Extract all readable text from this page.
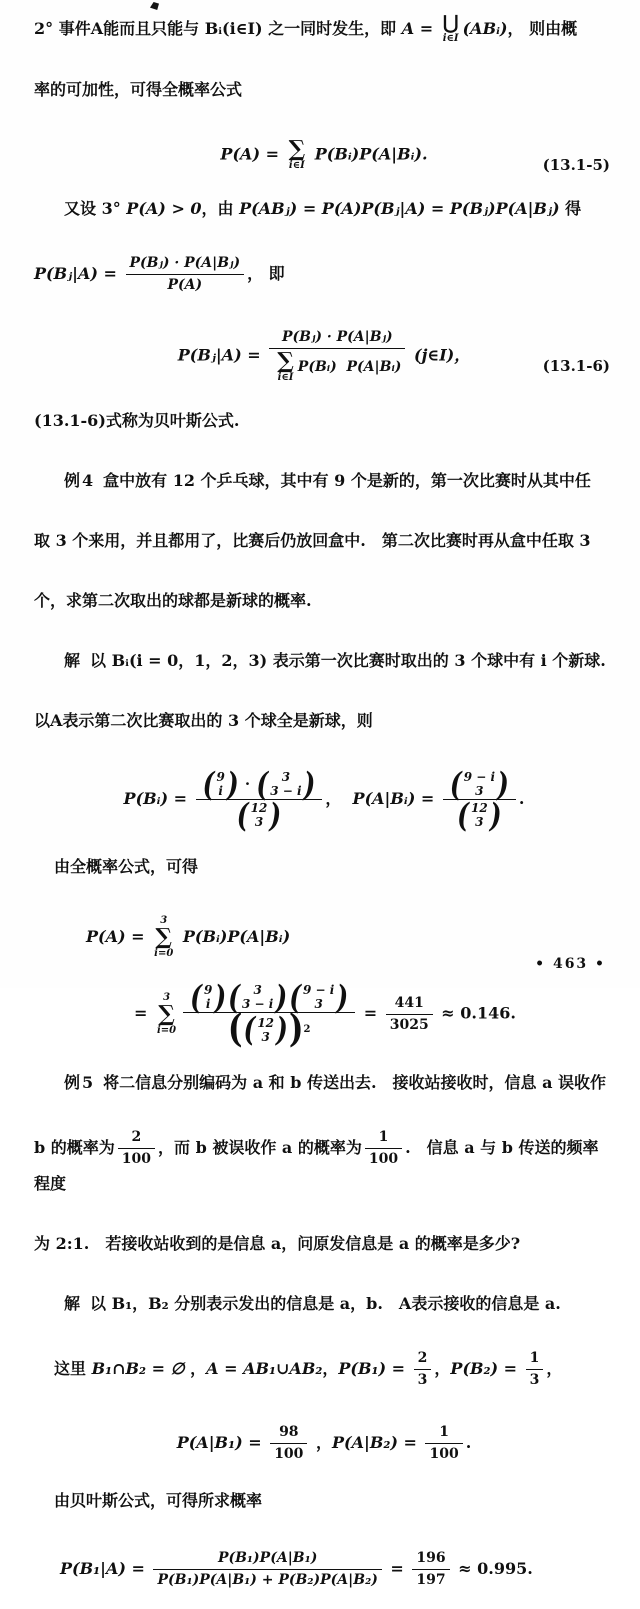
2° 事件A能而且只能与 Bᵢ(i∈I) 之一同时发生，即 A = ⋃
i∈I
(ABᵢ)， 则由概

率的可加性，可得全概率公式

P(A) = ∑
i∈I
P(Bᵢ)P(A|Bᵢ).
(13.1-5)

又设 3° P(A) > 0，由 P(ABⱼ) = P(A)P(Bⱼ|A) = P(Bⱼ)P(A|Bⱼ) 得

P(Bⱼ|A) = $\frac{\text{P(Bⱼ) · P(A|Bⱼ)}}{P(A)}$ ， 即

P(Bⱼ|A) = P(Bⱼ) · P(A|Bⱼ)
∑
i∈I
P(Bᵢ)  P(A|Bᵢ) (j∈I)，
(13.1-6)

(13.1-6)式称为贝叶斯公式.

例4 盒中放有 12 个乒乓球，其中有 9 个是新的，第一次比赛时从其中任

取 3 个来用，并且都用了，比赛后仍放回盒中.　第二次比赛时再从盒中任取 3

个，求第二次取出的球都是新球的概率.

解 以 Bᵢ(i = 0，1，2，3) 表示第一次比赛时取出的 3 个球中有 i 个新球.

以A表示第二次比赛取出的 3 个球全是新球，则

P(Bᵢ) = ( 9
i ) · ( 3
3 − i )
( 12
3 ) ，  P(A|Bᵢ) = ( 9 − i
3 )
( 12
3 ) .

由全概率公式，可得

P(A) =
3
∑
i=0
P(Bᵢ)P(A|Bᵢ)

=
3
∑
i=0 ( 9
i ) ( 3
3 − i ) ( 9 − i
3 )
( ( 12
3 ) ) $2 = \frac{441}{3025} \approx 0.146$.

例5 将二信息分别编码为 a 和 b 传送出去.　接收站接收时，信息 a 误收作

b 的概率为 $\frac{2}{100}$ ，而 b 被误收作 a 的概率为 $\frac{1}{100}$ .　信息 a 与 b 传送的频率程度

为 2:1.　若接收站收到的是信息 a，问原发信息是 a 的概率是多少?

解 以 B₁，B₂ 分别表示发出的信息是 a，b.　A表示接收的信息是 a.

这里 B₁∩B₂ = ∅ ，A = AB₁∪AB₂，$P(B_1) = \frac{2}{3}$ ，$P(B_2) = \frac{1}{3}$ ，

$P(A|B_1) = \frac{98}{100}$ ，$P(A|B_2) = \frac{1}{100}$ .

由贝叶斯公式，可得所求概率

$P(B_1|A) = \frac{\text{P(B₁)P(A|B₁)}}{\text{P(B₁)P(A|B₁) + P(B₂)P(A|B₂)}} = \frac{196}{197} \approx 0.995$.

• 463 •
